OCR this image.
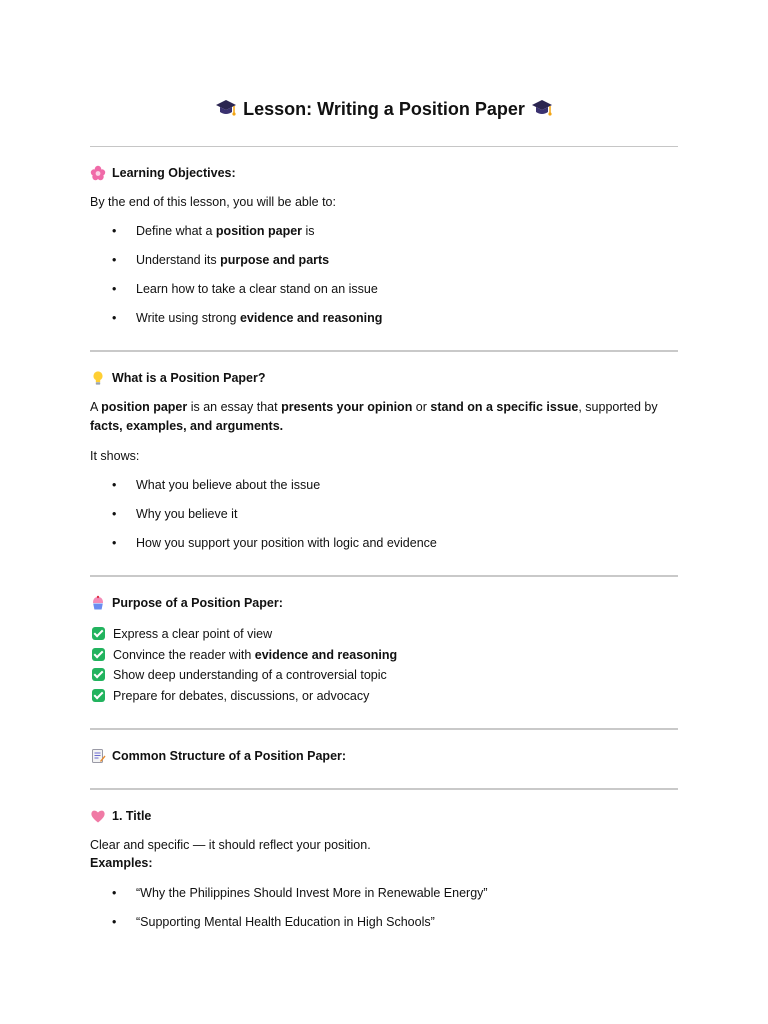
Lesson: Writing a Position Paper
Learning Objectives:
By the end of this lesson, you will be able to:
• Define what a position paper is
• Understand its purpose and parts
• Learn how to take a clear stand on an issue
• Write using strong evidence and reasoning
What is a Position Paper?
A position paper is an essay that presents your opinion or stand on a specific issue, supported by facts, examples, and arguments.
It shows:
• What you believe about the issue
• Why you believe it
• How you support your position with logic and evidence
Purpose of a Position Paper:
Express a clear point of view
Convince the reader with evidence and reasoning
Show deep understanding of a controversial topic
Prepare for debates, discussions, or advocacy
Common Structure of a Position Paper:
1. Title
Clear and specific — it should reflect your position.
Examples:
• “Why the Philippines Should Invest More in Renewable Energy”
• “Supporting Mental Health Education in High Schools”
